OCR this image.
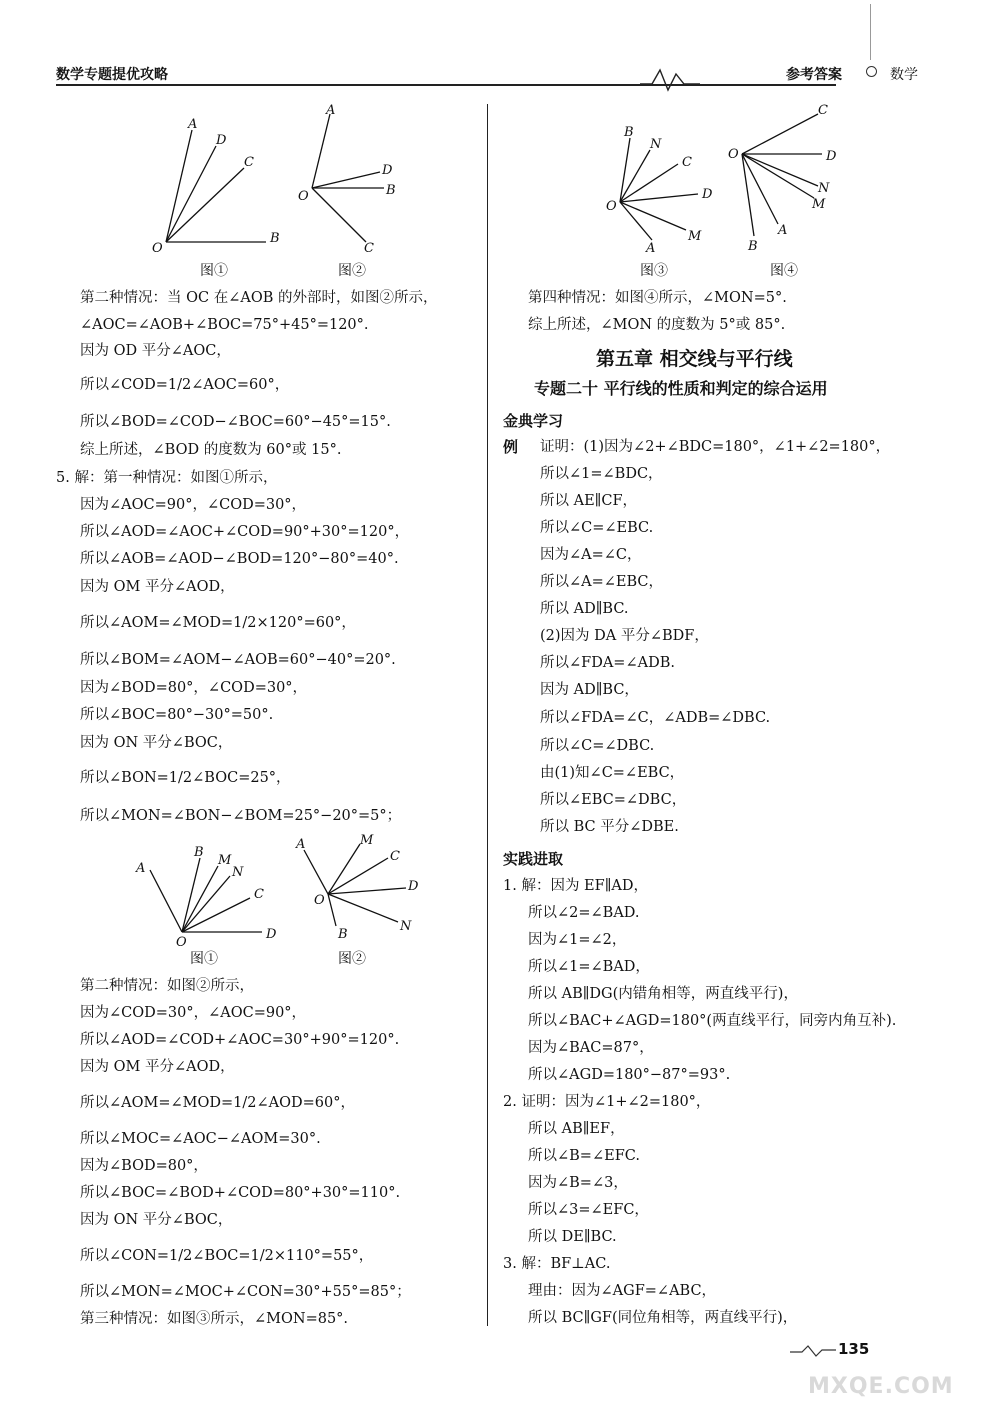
数学专题提优攻略	参考答案	数学
A
D
C
O
B
图①
A
D
B
O
C
图②
第二种情况：当 OC 在∠AOB 的外部时，如图②所示，
∠AOC=∠AOB+∠BOC=75°+45°=120°.
因为 OD 平分∠AOC，
所以∠COD=1/2∠AOC=60°，
所以∠BOD=∠COD−∠BOC=60°−45°=15°.
综上所述，∠BOD 的度数为 60°或 15°.
5. 解：第一种情况：如图①所示，
因为∠AOC=90°，∠COD=30°，
所以∠AOD=∠AOC+∠COD=90°+30°=120°，
所以∠AOB=∠AOD−∠BOD=120°−80°=40°.
因为 OM 平分∠AOD，
所以∠AOM=∠MOD=1/2×120°=60°，
所以∠BOM=∠AOM−∠AOB=60°−40°=20°.
因为∠BOD=80°，∠COD=30°，
所以∠BOC=80°−30°=50°.
因为 ON 平分∠BOC，
所以∠BON=1/2∠BOC=25°，
所以∠MON=∠BON−∠BOM=25°−20°=5°；
A
B
M
N
C
O
D
图①
A	M
C
D
O
B
N
图②
第二种情况：如图②所示，
因为∠COD=30°，∠AOC=90°，
所以∠AOD=∠COD+∠AOC=30°+90°=120°.
因为 OM 平分∠AOD，
所以∠AOM=∠MOD=1/2∠AOD=60°，
所以∠MOC=∠AOC−∠AOM=30°.
因为∠BOD=80°，
所以∠BOC=∠BOD+∠COD=80°+30°=110°.
因为 ON 平分∠BOC，
所以∠CON=1/2∠BOC=1/2×110°=55°，
所以∠MON=∠MOC+∠CON=30°+55°=85°；
第三种情况：如图③所示，∠MON=85°.
B
N
C
D
O
A
M
图③
C
O	D
N
M
A
B
图④
第四种情况：如图④所示，∠MON=5°.
综上所述，∠MON 的度数为 5°或 85°.
第五章 相交线与平行线
专题二十 平行线的性质和判定的综合运用
金典学习
例 证明：(1)因为∠2+∠BDC=180°，∠1+∠2=180°，
所以∠1=∠BDC，
所以 AE∥CF，
所以∠C=∠EBC.
因为∠A=∠C，
所以∠A=∠EBC，
所以 AD∥BC.
(2)因为 DA 平分∠BDF，
所以∠FDA=∠ADB.
因为 AD∥BC，
所以∠FDA=∠C，∠ADB=∠DBC.
所以∠C=∠DBC.
由(1)知∠C=∠EBC，
所以∠EBC=∠DBC，
所以 BC 平分∠DBE.
实践进取
1. 解：因为 EF∥AD，
所以∠2=∠BAD.
因为∠1=∠2，
所以∠1=∠BAD，
所以 AB∥DG(内错角相等，两直线平行)，
所以∠BAC+∠AGD=180°(两直线平行，同旁内角互补).
因为∠BAC=87°，
所以∠AGD=180°−87°=93°.
2. 证明：因为∠1+∠2=180°，
所以 AB∥EF，
所以∠B=∠EFC.
因为∠B=∠3，
所以∠3=∠EFC，
所以 DE∥BC.
3. 解：BF⊥AC.
理由：因为∠AGF=∠ABC，
所以 BC∥GF(同位角相等，两直线平行)，
135
MXQE.COM
